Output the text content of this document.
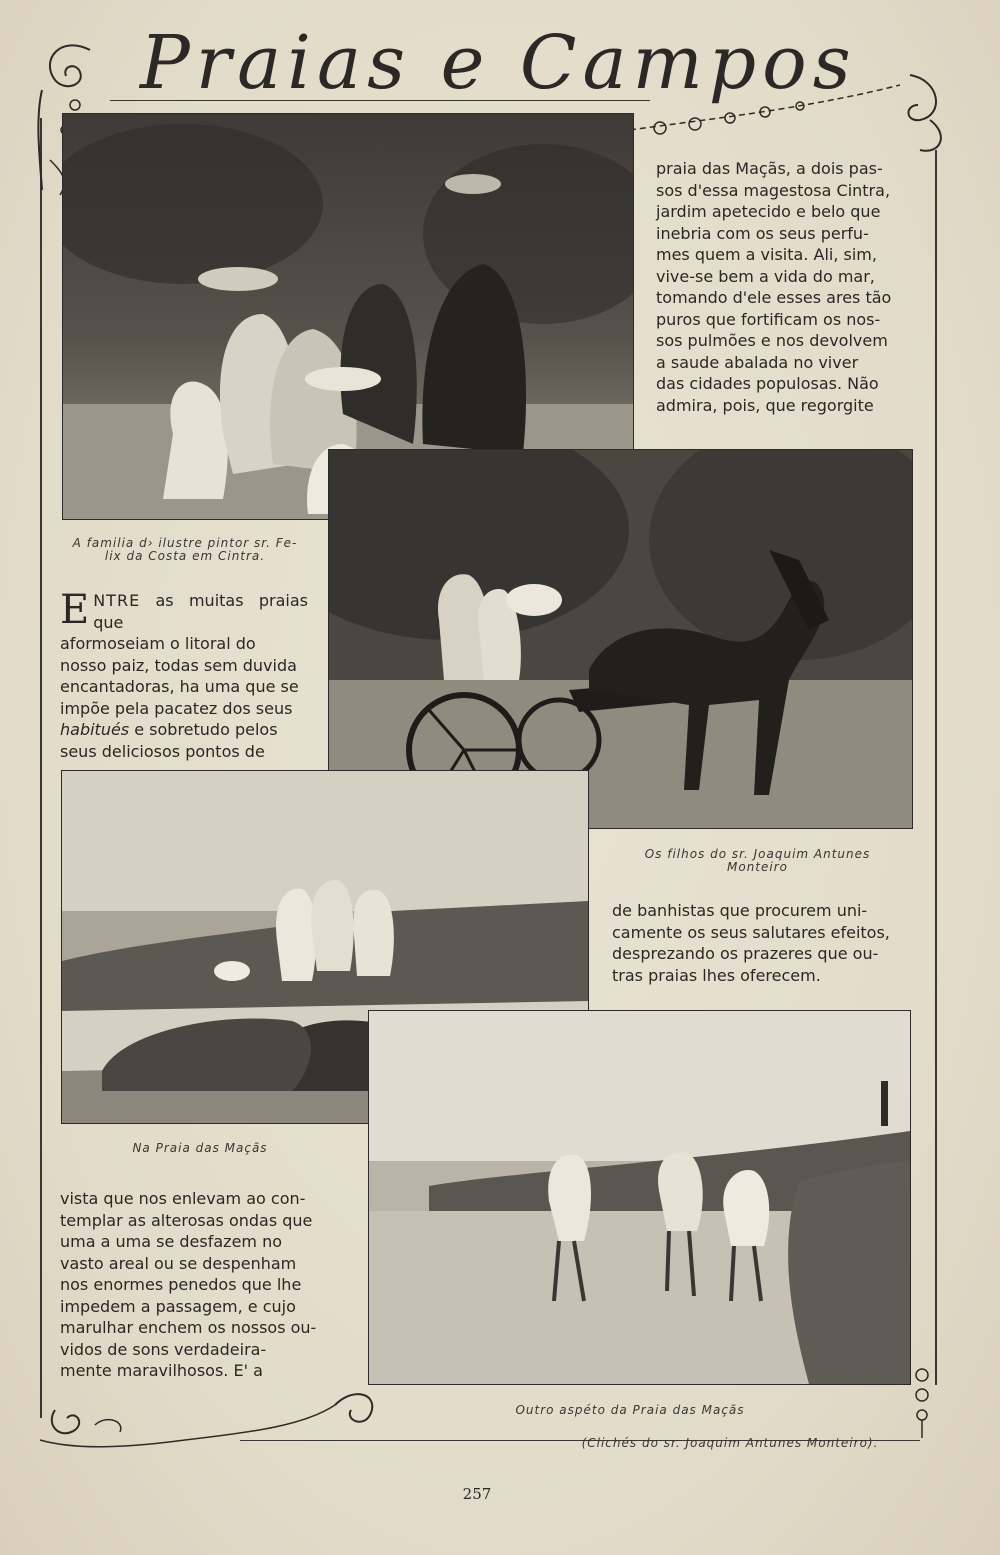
Praias e Campos
A familia d› ilustre pintor sr. Fe-
lix da Costa em Cintra.

praia das Maçãs, a dois pas-

sos d'essa magestosa Cintra,

jardim apetecido e belo que

inebria com os seus perfu-

mes quem a visita. Ali, sim,

vive-se bem a vida do mar,

tomando d'ele esses ares tão

puros que fortificam os nos-

sos pulmões e nos devolvem

a saude abalada no viver

das cidades populosas. Não

admira, pois, que regorgite

Os filhos do sr. Joaquim Antunes
Monteiro

ENTRE as muitas praias que

aformoseiam o litoral do

nosso paiz, todas sem duvida

encantadoras, ha uma que se

impõe pela pacatez dos seus

habitués e sobretudo pelos

seus deliciosos pontos de

Na Praia das Maçãs

de banhistas que procurem uni-

camente os seus salutares efeitos,

desprezando os prazeres que ou-

tras praias lhes oferecem.

Outro aspéto da Praia das Maçãs
(Clichés do sr. Joaquim Antunes Monteiro).

vista que nos enlevam ao con-

templar as alterosas ondas que

uma a uma se desfazem no

vasto areal ou se despenham

nos enormes penedos que lhe

impedem a passagem, e cujo

marulhar enchem os nossos ou-

vidos de sons verdadeira-

mente maravilhosos. E' a

257
